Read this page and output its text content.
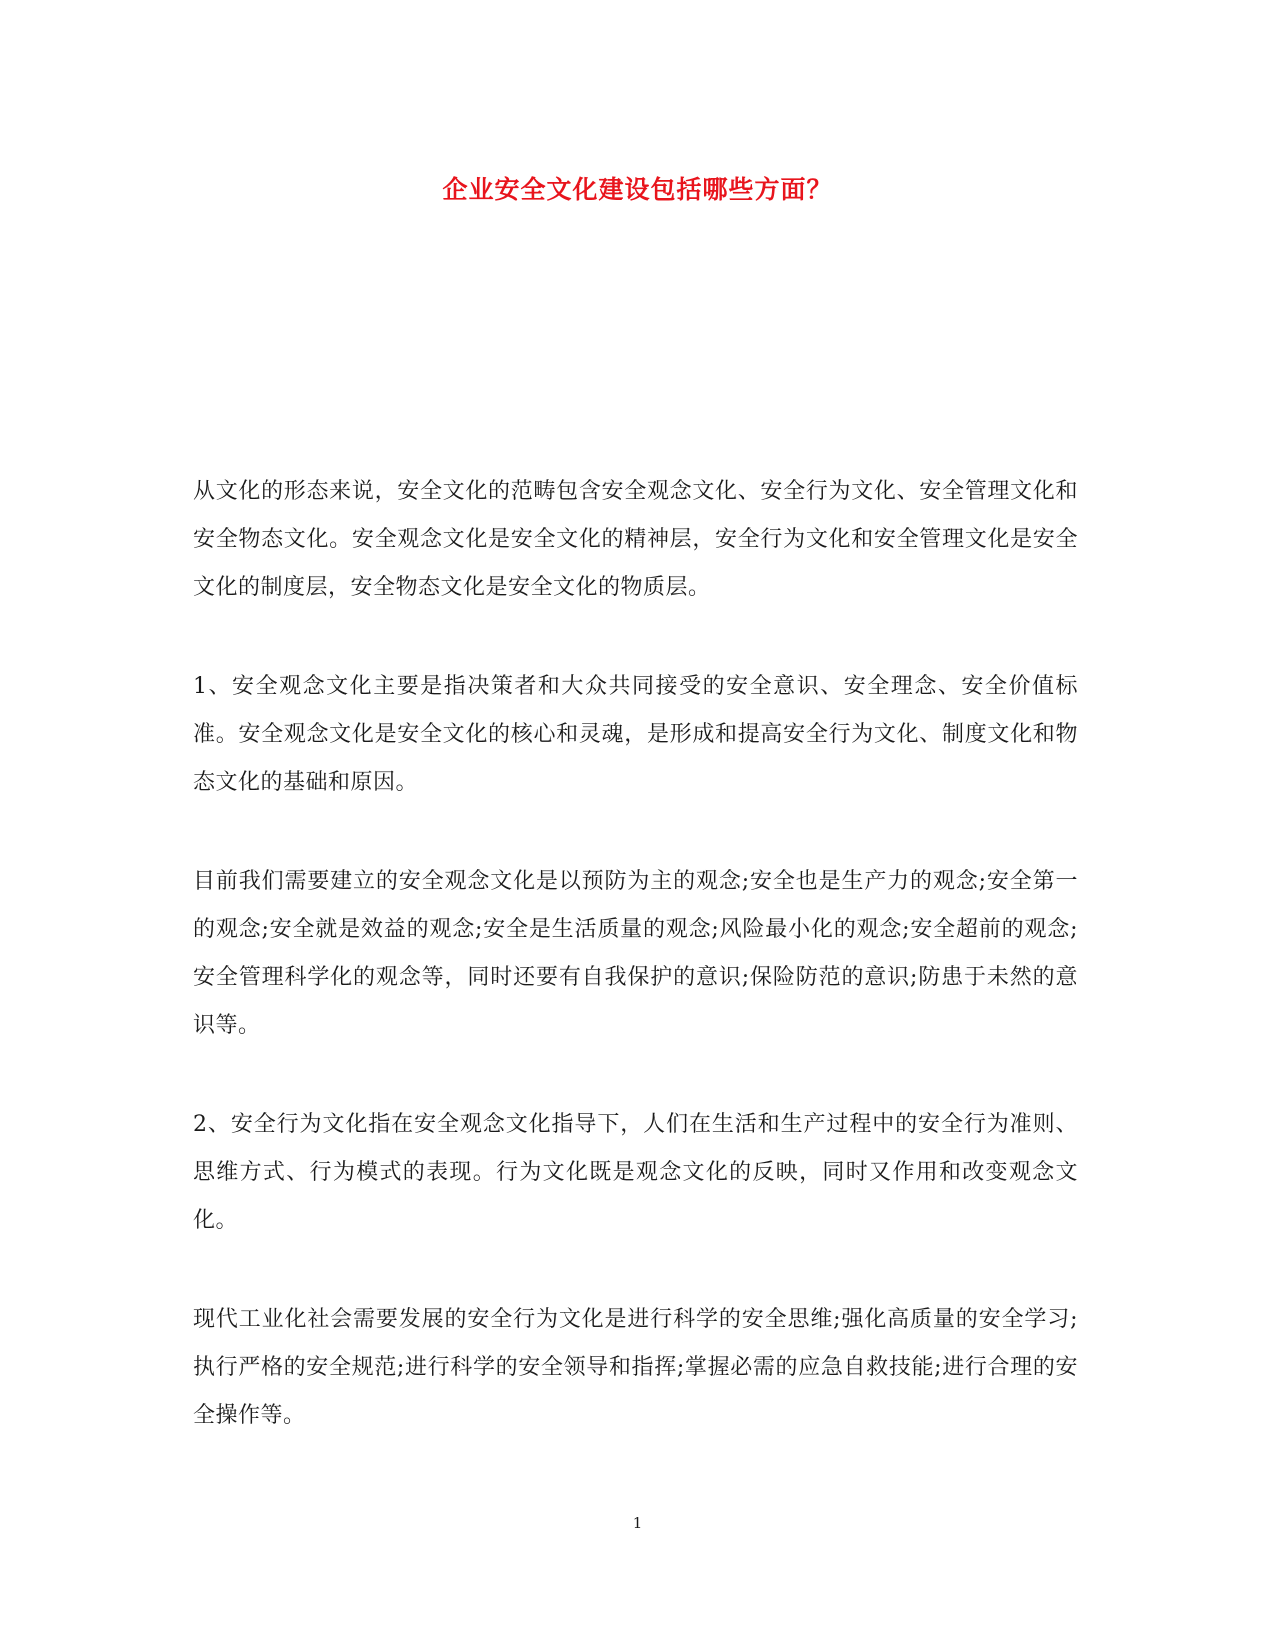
企业安全文化建设包括哪些方面？

从文化的形态来说，安全文化的范畴包含安全观念文化、安全行为文化、安全管理文化和安全物态文化。安全观念文化是安全文化的精神层，安全行为文化和安全管理文化是安全文化的制度层，安全物态文化是安全文化的物质层。

1、安全观念文化主要是指决策者和大众共同接受的安全意识、安全理念、安全价值标准。安全观念文化是安全文化的核心和灵魂，是形成和提高安全行为文化、制度文化和物态文化的基础和原因。

目前我们需要建立的安全观念文化是以预防为主的观念;安全也是生产力的观念;安全第一的观念;安全就是效益的观念;安全是生活质量的观念;风险最小化的观念;安全超前的观念;安全管理科学化的观念等，同时还要有自我保护的意识;保险防范的意识;防患于未然的意识等。

2、安全行为文化指在安全观念文化指导下，人们在生活和生产过程中的安全行为准则、思维方式、行为模式的表现。行为文化既是观念文化的反映，同时又作用和改变观念文化。

现代工业化社会需要发展的安全行为文化是进行科学的安全思维;强化高质量的安全学习;执行严格的安全规范;进行科学的安全领导和指挥;掌握必需的应急自救技能;进行合理的安全操作等。

1
